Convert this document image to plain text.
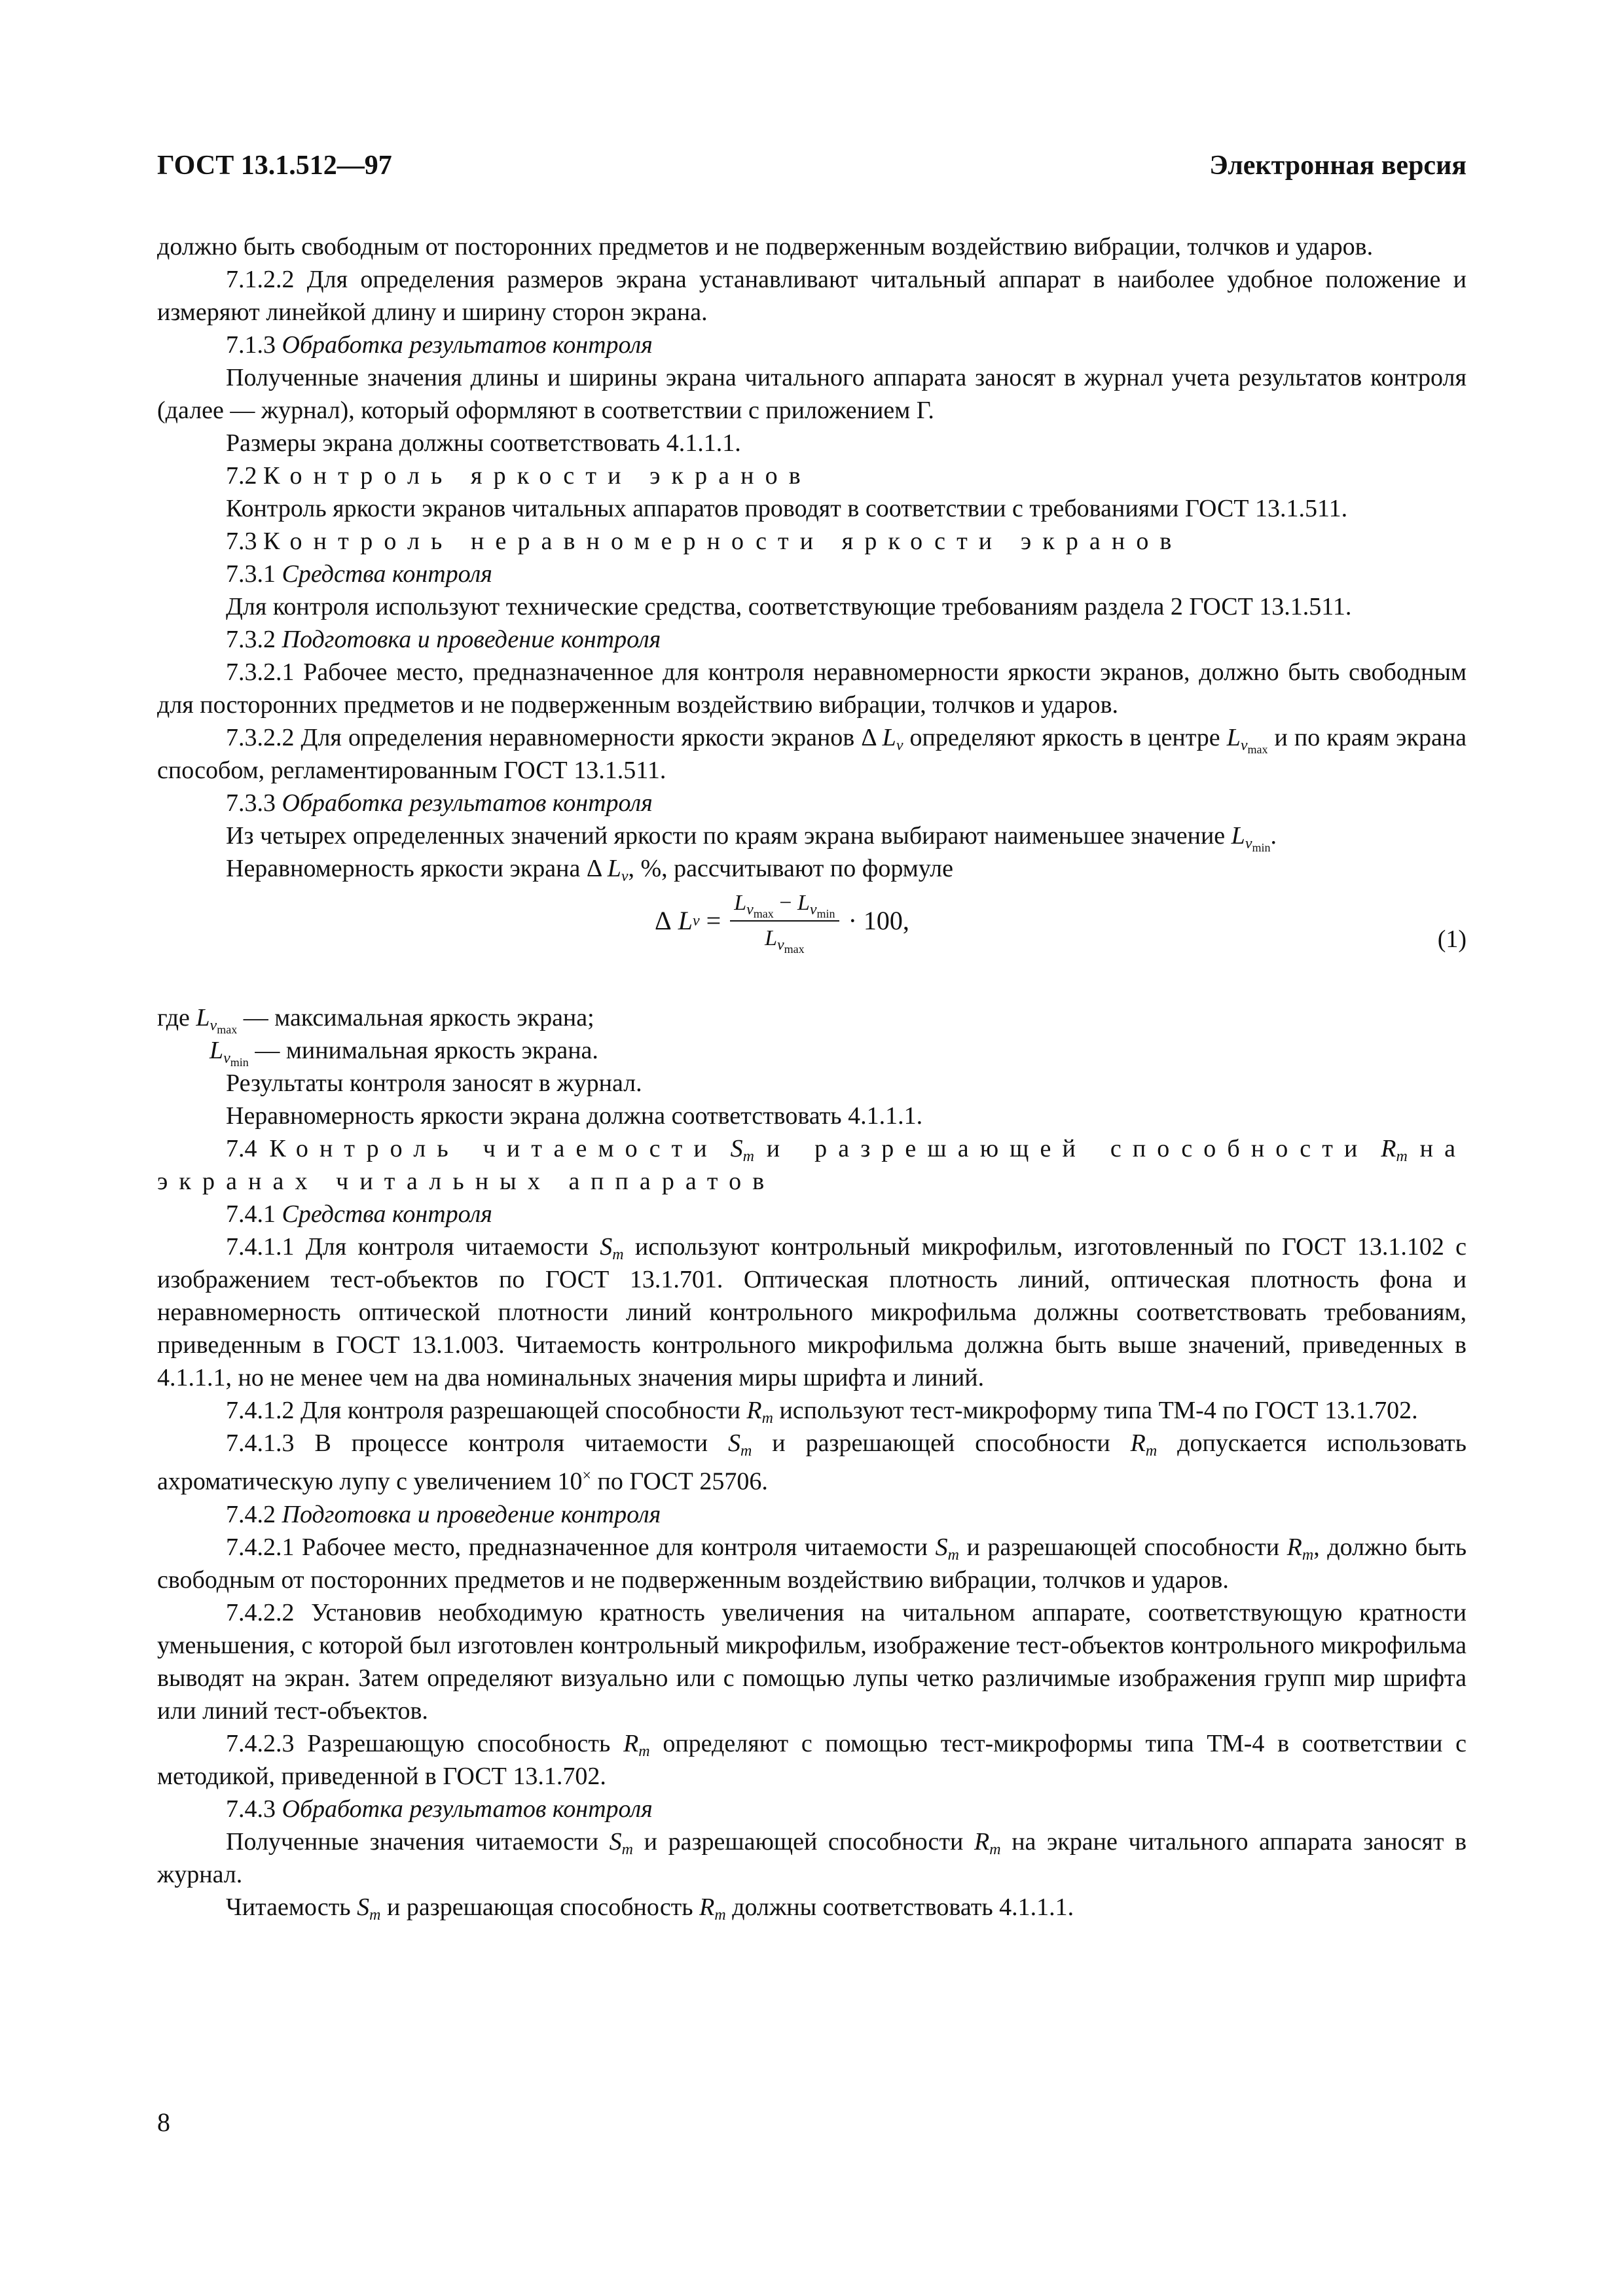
ГОСТ 13.1.512—97	Электронная версия

должно быть свободным от посторонних предметов и не подверженным воздействию вибрации, толчков и ударов.

7.1.2.2 Для определения размеров экрана устанавливают читальный аппарат в наиболее удобное положение и измеряют линейкой длину и ширину сторон экрана.

7.1.3 Обработка результатов контроля

Полученные значения длины и ширины экрана читального аппарата заносят в журнал учета результатов контроля (далее — журнал), который оформляют в соответствии с приложением Г.

Размеры экрана должны соответствовать 4.1.1.1.

7.2 Контроль яркости экранов

Контроль яркости экранов читальных аппаратов проводят в соответствии с требованиями ГОСТ 13.1.511.

7.3 Контроль неравномерности яркости экранов

7.3.1 Средства контроля

Для контроля используют технические средства, соответствующие требованиям раздела 2 ГОСТ 13.1.511.

7.3.2 Подготовка и проведение контроля

7.3.2.1 Рабочее место, предназначенное для контроля неравномерности яркости экранов, должно быть свободным для посторонних предметов и не подверженным воздействию вибрации, толчков и ударов.

7.3.2.2 Для определения неравномерности яркости экранов Δ $L_v$ определяют яркость в центре $L_{v_{max}}$ и по краям экрана способом, регламентированным ГОСТ 13.1.511.

7.3.3 Обработка результатов контроля

Из четырех определенных значений яркости по краям экрана выбирают наименьшее значение $L_{v_{min}}$.

Неравномерность яркости экрана Δ $L_v$, %, рассчитывают по формуле

Δ
L v
= $\frac{L_{v_{max}} - L_{v_{min}}}{L_{v_{max}}} \cdot 100$,
(1)

где $L_{v_{max}}$ — максимальная яркость экрана;

$L_{v_{min}}$ — минимальная яркость экрана.

Результаты контроля заносят в журнал.

Неравномерность яркости экрана должна соответствовать 4.1.1.1.

7.4 Контроль читаемости $S_m$ и разрешающей способности $R_m$ на экранах читальных аппаратов

7.4.1 Средства контроля

7.4.1.1 Для контроля читаемости $S_m$ используют контрольный микрофильм, изготовленный по ГОСТ 13.1.102 с изображением тест-объектов по ГОСТ 13.1.701. Оптическая плотность линий, оптическая плотность фона и неравномерность оптической плотности линий контрольного микрофильма должны соответствовать требованиям, приведенным в ГОСТ 13.1.003. Читаемость контрольного микрофильма должна быть выше значений, приведенных в 4.1.1.1, но не менее чем на два номинальных значения миры шрифта и линий.

7.4.1.2 Для контроля разрешающей способности $R_m$ используют тест-микроформу типа ТМ-4 по ГОСТ 13.1.702.

7.4.1.3 В процессе контроля читаемости $S_m$ и разрешающей способности $R_m$ допускается использовать ахроматическую лупу с увеличением 10× по ГОСТ 25706.

7.4.2 Подготовка и проведение контроля

7.4.2.1 Рабочее место, предназначенное для контроля читаемости $S_m$ и разрешающей способности $R_m$, должно быть свободным от посторонних предметов и не подверженным воздействию вибрации, толчков и ударов.

7.4.2.2 Установив необходимую кратность увеличения на читальном аппарате, соответствующую кратности уменьшения, с которой был изготовлен контрольный микрофильм, изображение тест-объектов контрольного микрофильма выводят на экран. Затем определяют визуально или с помощью лупы четко различимые изображения групп мир шрифта или линий тест-объектов.

7.4.2.3 Разрешающую способность $R_m$ определяют с помощью тест-микроформы типа ТМ-4 в соответствии с методикой, приведенной в ГОСТ 13.1.702.

7.4.3 Обработка результатов контроля

Полученные значения читаемости $S_m$ и разрешающей способности $R_m$ на экране читального аппарата заносят в журнал.

Читаемость $S_m$ и разрешающая способность $R_m$ должны соответствовать 4.1.1.1.

8
